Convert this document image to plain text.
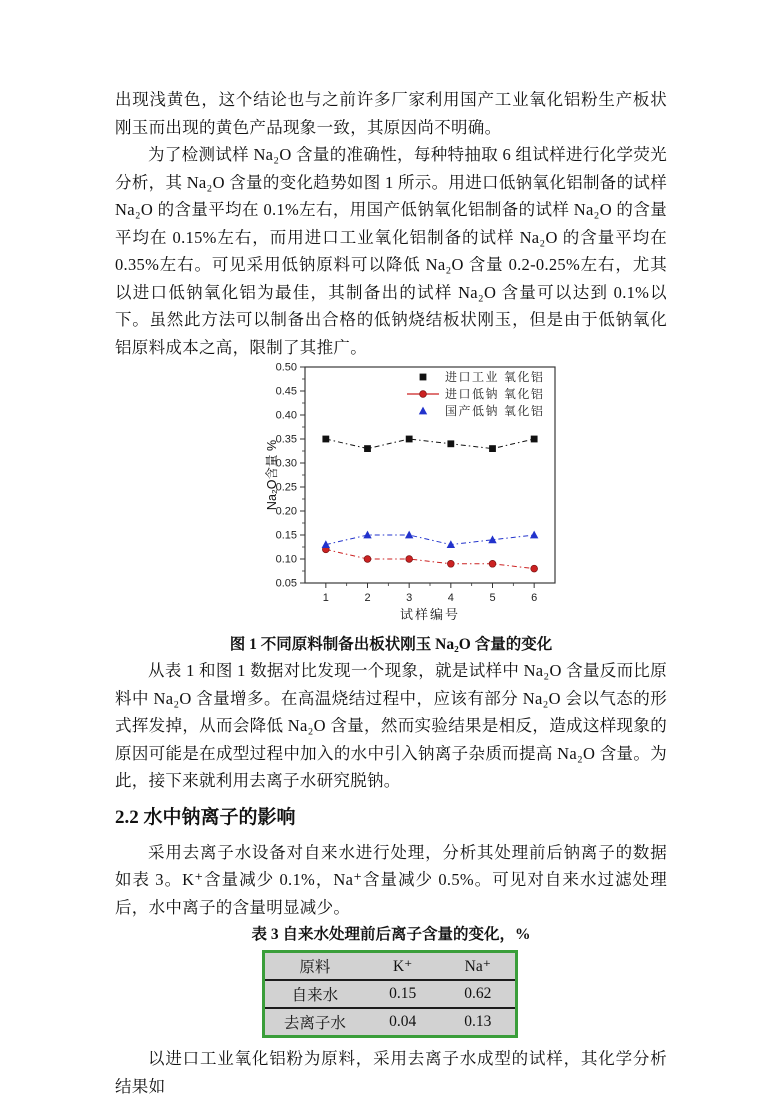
出现浅黄色，这个结论也与之前许多厂家利用国产工业氧化铝粉生产板状刚玉而出现的黄色产品现象一致，其原因尚不明确。

为了检测试样 Na₂O 含量的准确性，每种特抽取 6 组试样进行化学荧光分析，其 Na₂O 含量的变化趋势如图 1 所示。用进口低钠氧化铝制备的试样 Na₂O 的含量平均在 0.1%左右，用国产低钠氧化铝制备的试样 Na₂O 的含量平均在 0.15%左右，而用进口工业氧化铝制备的试样 Na₂O 的含量平均在 0.35%左右。可见采用低钠原料可以降低 Na₂O 含量 0.2-0.25%左右，尤其以进口低钠氧化铝为最佳，其制备出的试样 Na₂O 含量可以达到 0.1%以下。虽然此方法可以制备出合格的低钠烧结板状刚玉，但是由于低钠氧化铝原料成本之高，限制了其推广。

0.05
0.10
0.15
0.20
0.25
0.30
0.35
0.40
0.45
0.50
Na₂O含量 %
1	2	3	4	5	6
试样编号
进口工业 氧化铝
进口低钠 氧化铝
国产低钠 氧化铝
图 1 不同原料制备出板状刚玉 Na₂O 含量的变化

从表 1 和图 1 数据对比发现一个现象，就是试样中 Na₂O 含量反而比原料中 Na₂O 含量增多。在高温烧结过程中，应该有部分 Na₂O 会以气态的形式挥发掉，从而会降低 Na₂O 含量，然而实验结果是相反，造成这样现象的原因可能是在成型过程中加入的水中引入钠离子杂质而提高 Na₂O 含量。为此，接下来就利用去离子水研究脱钠。

2.2 水中钠离子的影响

采用去离子水设备对自来水进行处理，分析其处理前后钠离子的数据如表 3。K⁺含量减少 0.1%，Na⁺含量减少 0.5%。可见对自来水过滤处理后，水中离子的含量明显减少。

表 3 自来水处理前后离子含量的变化，%
原料	K⁺	Na⁺
自来水	0.15	0.62
去离子水	0.04	0.13

以进口工业氧化铝粉为原料，采用去离子水成型的试样，其化学分析结果如
